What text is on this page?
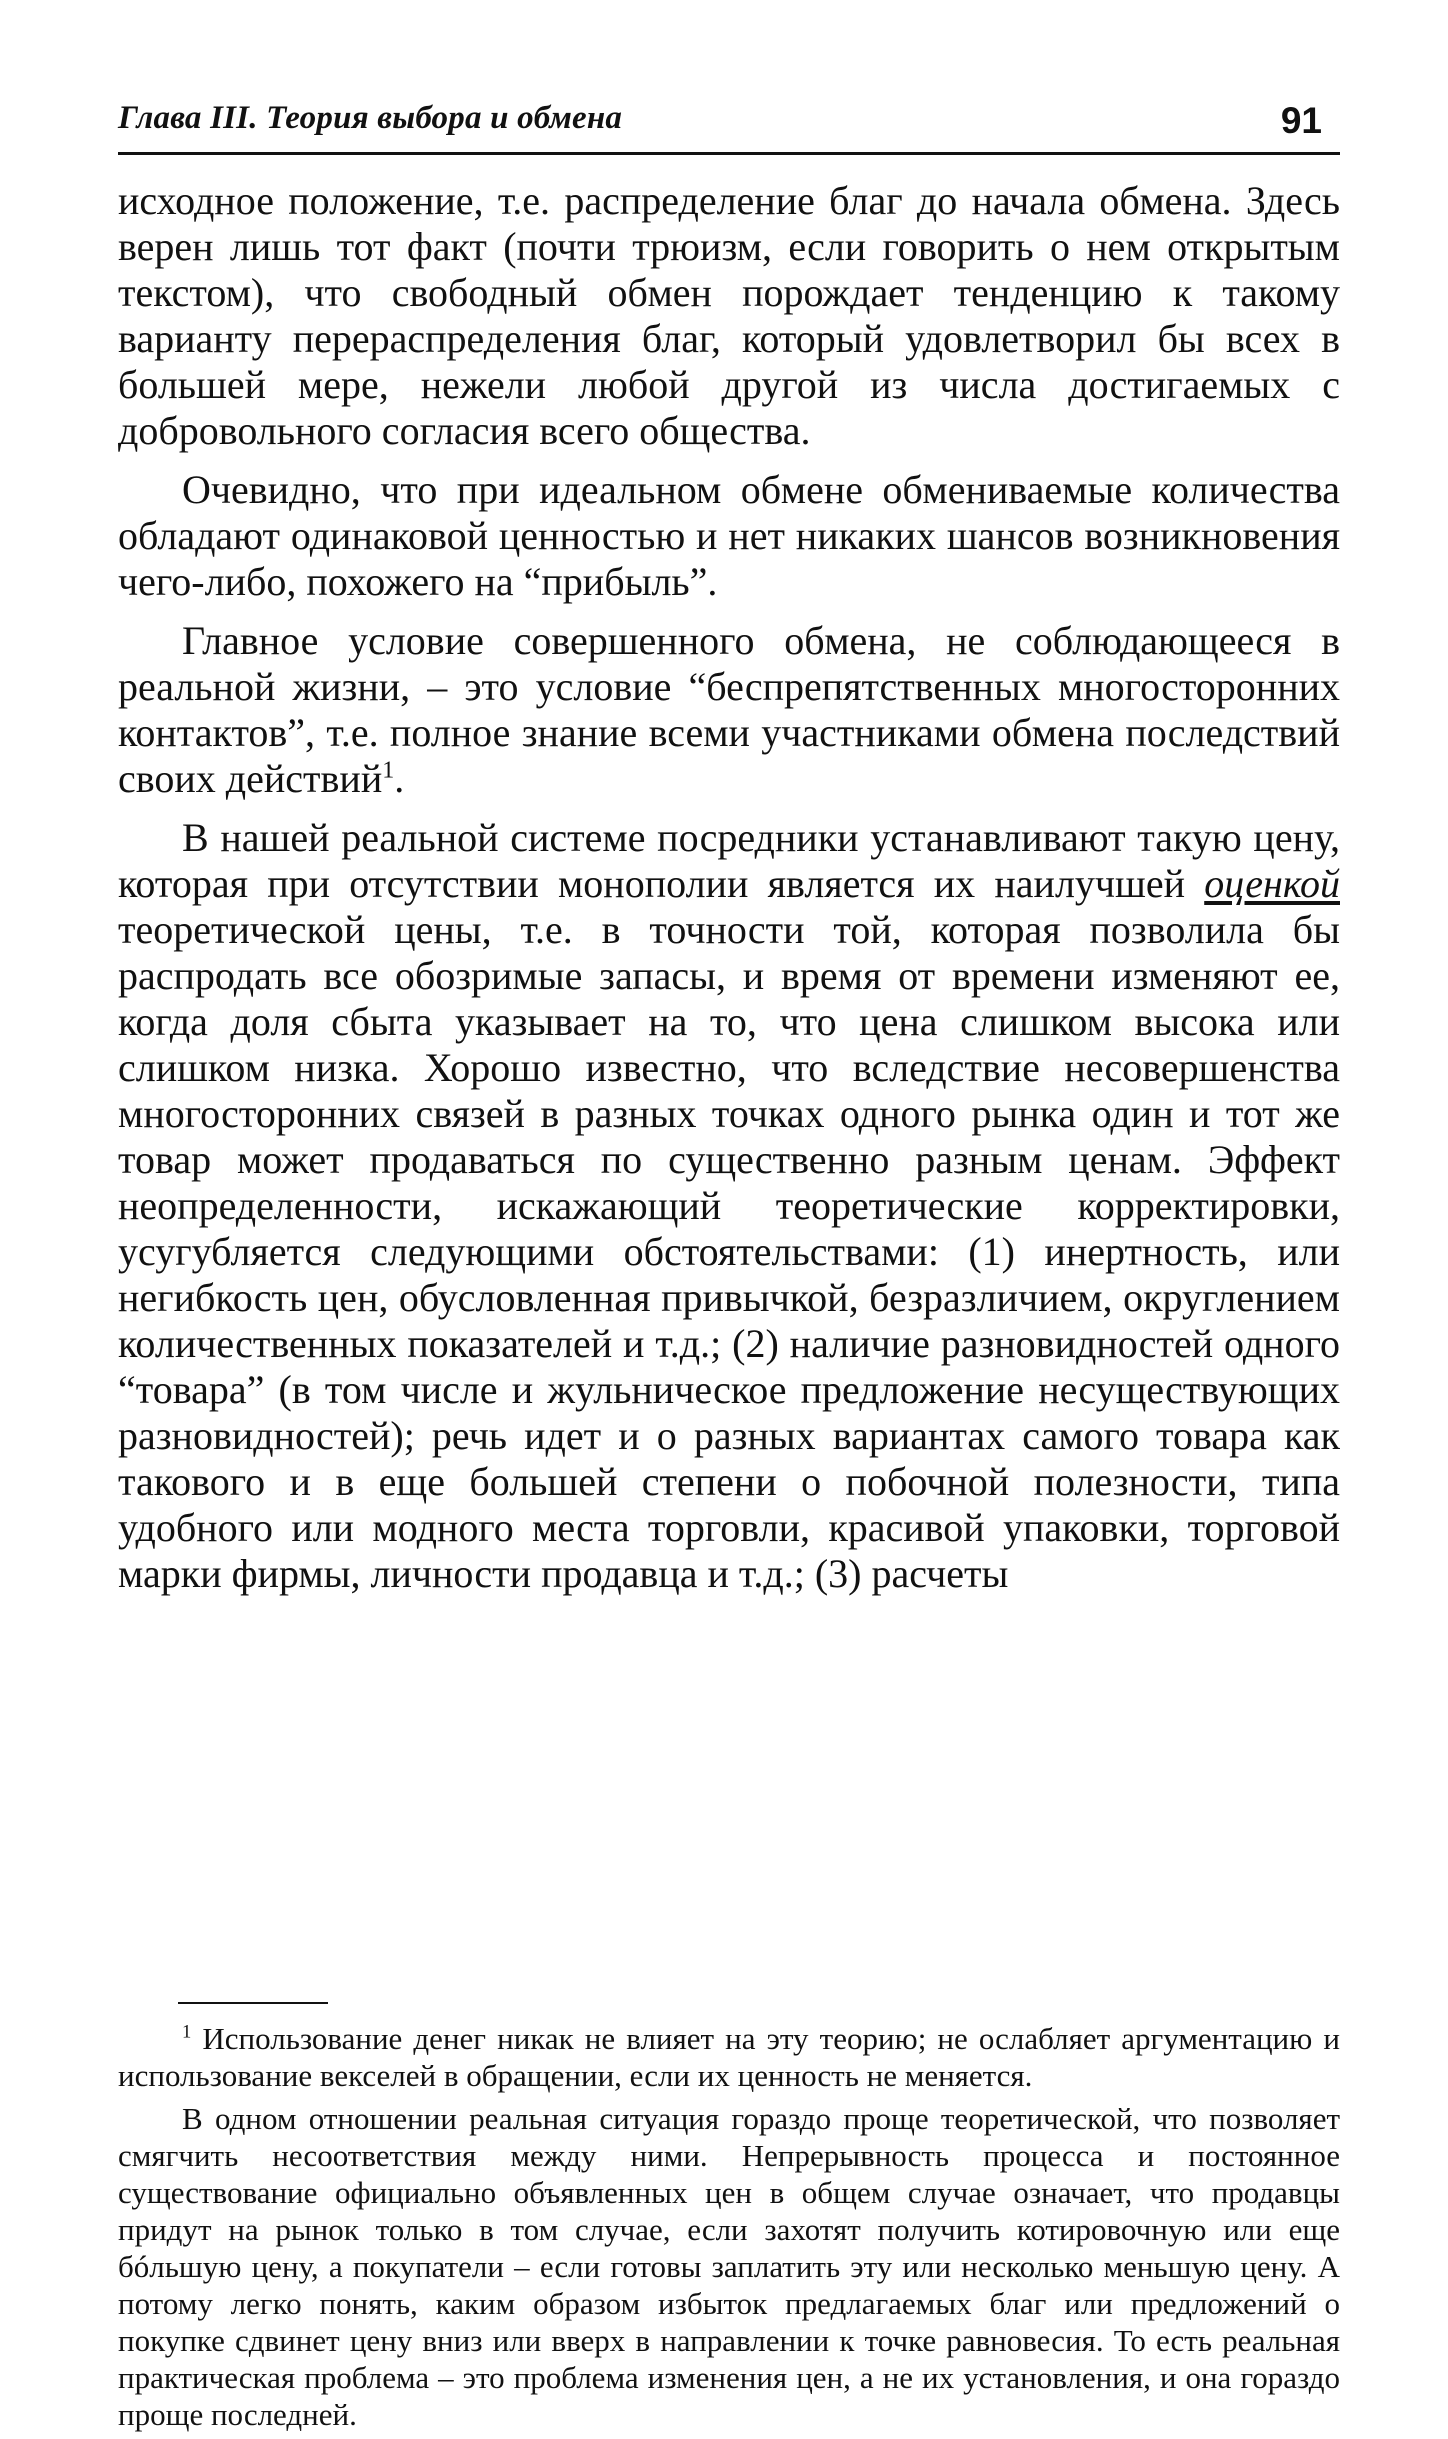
Глава III. Теория выбора и обмена	91

исходное положение, т.е. распределение благ до начала обмена. Здесь верен лишь тот факт (почти трюизм, если говорить о нем открытым текстом), что свободный обмен порождает тенденцию к такому варианту перераспределения благ, который удовлетворил бы всех в большей мере, нежели любой другой из числа достигаемых с добровольного согласия всего общества.

Очевидно, что при идеальном обмене обмениваемые количества обладают одинаковой ценностью и нет никаких шансов возникновения чего-либо, похожего на “прибыль”.

Главное условие совершенного обмена, не соблюдающееся в реальной жизни, – это условие “беспрепятственных многосторонних контактов”, т.е. полное знание всеми участниками обмена последствий своих действий$^1$.

В нашей реальной системе посредники устанавливают такую цену, которая при отсутствии монополии является их наилучшей оценкой теоретической цены, т.е. в точности той, которая позволила бы распродать все обозримые запасы, и время от времени изменяют ее, когда доля сбыта указывает на то, что цена слишком высока или слишком низка. Хорошо известно, что вследствие несовершенства многосторонних связей в разных точках одного рынка один и тот же товар может продаваться по существенно разным ценам. Эффект неопределенности, искажающий теоретические корректировки, усугубляется следующими обстоятельствами: (1) инертность, или негибкость цен, обусловленная привычкой, безразличием, округлением количественных показателей и т.д.; (2) наличие разновидностей одного “товара” (в том числе и жульническое предложение несуществующих разновидностей); речь идет и о разных вариантах самого товара как такового и в еще большей степени о побочной полезности, типа удобного или модного места торговли, красивой упаковки, торговой марки фирмы, личности продавца и т.д.; (3) расчеты

$^1$ Использование денег никак не влияет на эту теорию; не ослабляет аргументацию и использование векселей в обращении, если их ценность не меняется.

В одном отношении реальная ситуация гораздо проще теоретической, что позволяет смягчить несоответствия между ними. Непрерывность процесса и постоянное существование официально объявленных цен в общем случае означает, что продавцы придут на рынок только в том случае, если захотят получить котировочную или еще бóльшую цену, а покупатели – если готовы заплатить эту или несколько меньшую цену. А потому легко понять, каким образом избыток предлагаемых благ или предложений о покупке сдвинет цену вниз или вверх в направлении к точке равновесия. То есть реальная практическая проблема – это проблема изменения цен, а не их установления, и она гораздо проще последней.
